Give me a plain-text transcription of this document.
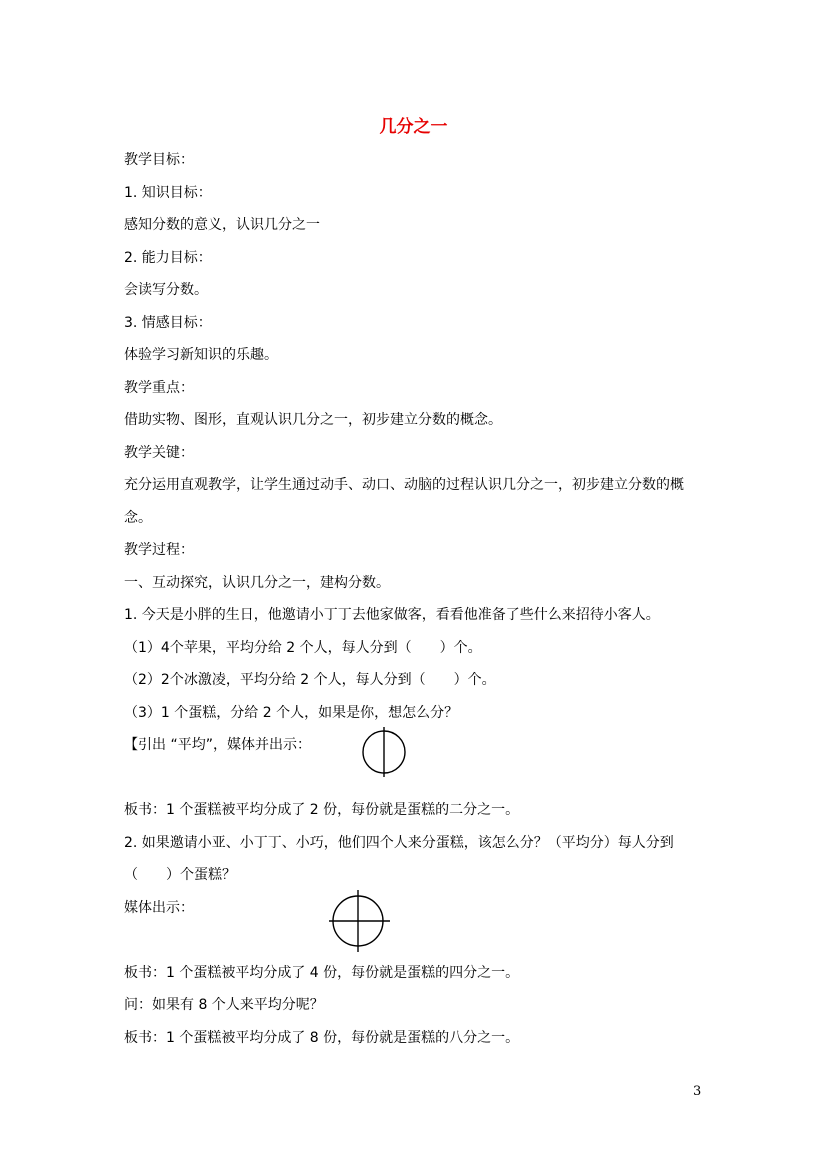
几分之一
教学目标：
1. 知识目标：
感知分数的意义，认识几分之一
2. 能力目标：
会读写分数。
3. 情感目标：
体验学习新知识的乐趣。
教学重点：
借助实物、图形，直观认识几分之一，初步建立分数的概念。
教学关键：
充分运用直观教学，让学生通过动手、动口、动脑的过程认识几分之一，初步建立分数的概
念。
教学过程：
一、互动探究，认识几分之一，建构分数。
1. 今天是小胖的生日，他邀请小丁丁去他家做客，看看他准备了些什么来招待小客人。
（1）4个苹果，平均分给 2 个人，每人分到（　　）个。
（2）2个冰激凌，平均分给 2 个人，每人分到（　　）个。
（3）1 个蛋糕，分给 2 个人，如果是你，想怎么分？
【引出 “平均”，媒体并出示：
板书：1 个蛋糕被平均分成了 2 份，每份就是蛋糕的二分之一。
2. 如果邀请小亚、小丁丁、小巧，他们四个人来分蛋糕，该怎么分？（平均分）每人分到
（　　）个蛋糕？
媒体出示：
板书：1 个蛋糕被平均分成了 4 份，每份就是蛋糕的四分之一。
问：如果有 8 个人来平均分呢？
板书：1 个蛋糕被平均分成了 8 份，每份就是蛋糕的八分之一。
3
